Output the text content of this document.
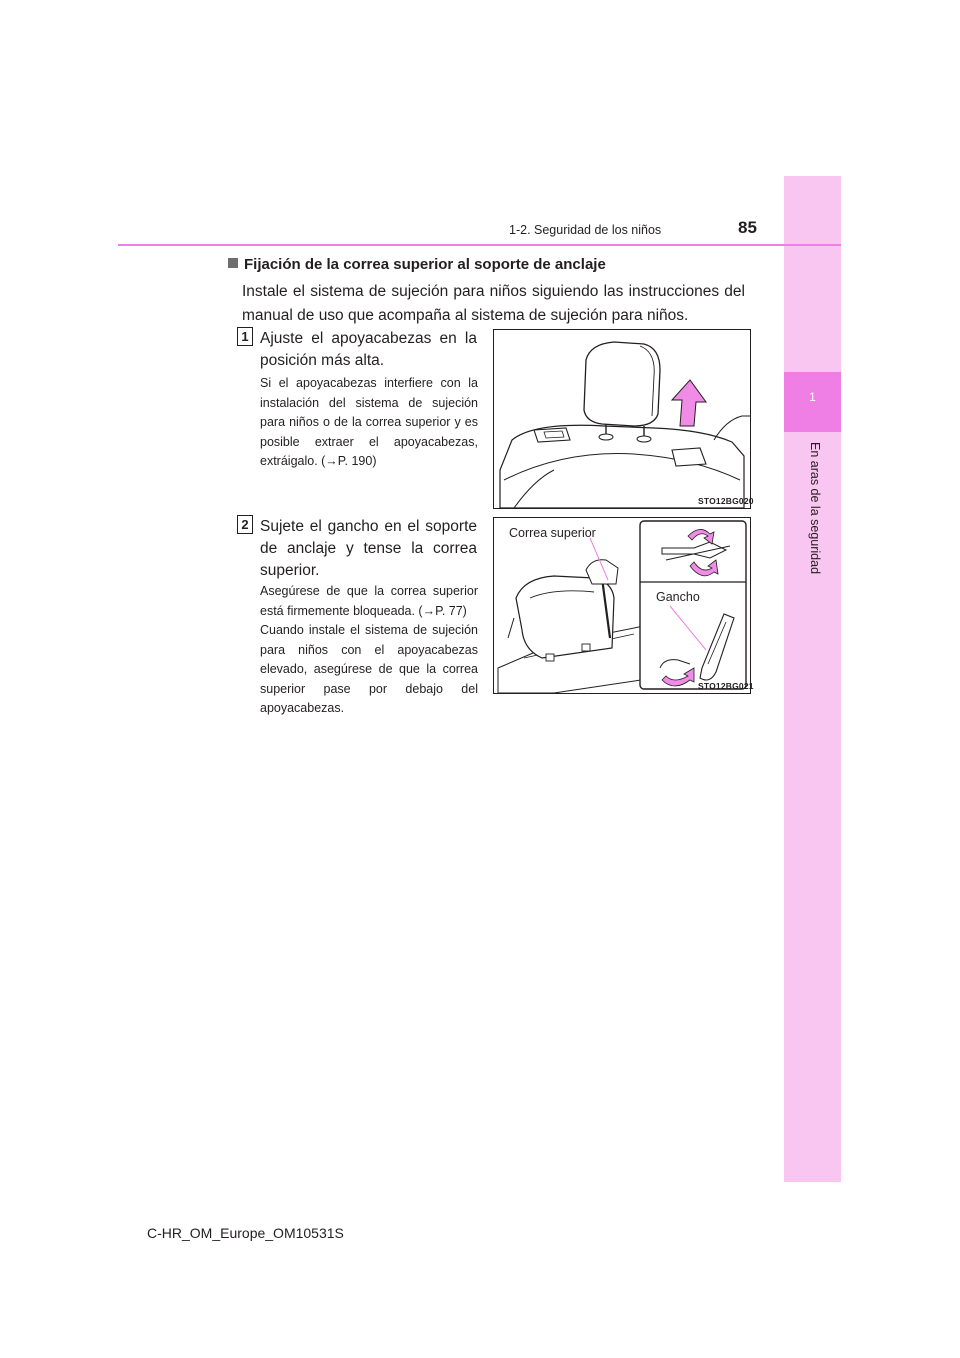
1
En aras de la seguridad
1-2. Seguridad de los niños	85
Fijación de la correa superior al soporte de anclaje
Instale el sistema de sujeción para niños siguiendo las instrucciones del manual de uso que acompaña al sistema de sujeción para niños.
1 Ajuste el apoyacabezas en la posición más alta.
Si el apoyacabezas interfiere con la instalación del sistema de sujeción para niños o de la correa superior y es posible extraer el apoyacabezas, extráigalo. (→P. 190)
STO12BG020
2 Sujete el gancho en el soporte de anclaje y tense la correa superior.
Asegúrese de que la correa superior está firmemente bloqueada. (→P. 77)
Cuando instale el sistema de sujeción para niños con el apoyacabezas elevado, asegúrese de que la correa superior pase por debajo del apoyacabezas.
Correa superior
Gancho
STO12BG021
C-HR_OM_Europe_OM10531S
